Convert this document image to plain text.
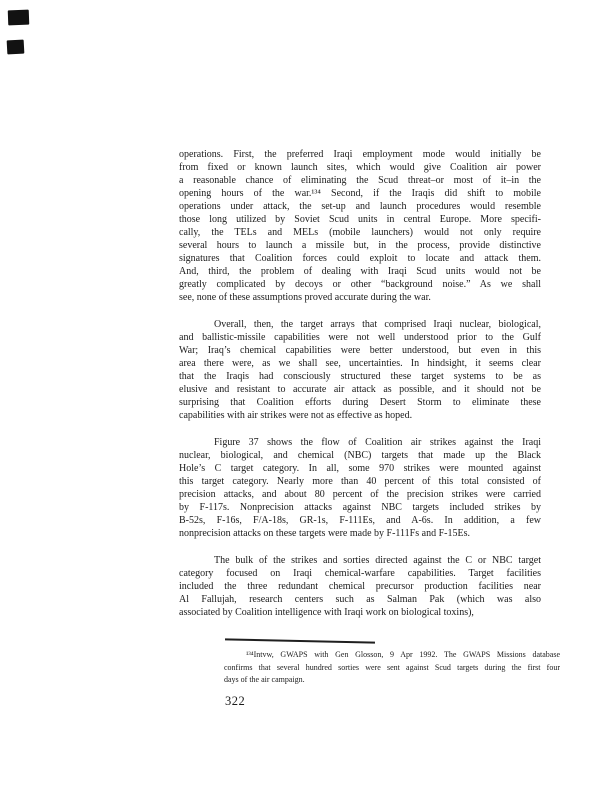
operations. First, the preferred Iraqi employment mode would initially be
from fixed or known launch sites, which would give Coalition air power
a reasonable chance of eliminating the Scud threat–or most of it–in the
opening hours of the war.¹³⁴ Second, if the Iraqis did shift to mobile
operations under attack, the set-up and launch procedures would resemble
those long utilized by Soviet Scud units in central Europe. More specifi-
cally, the TELs and MELs (mobile launchers) would not only require
several hours to launch a missile but, in the process, provide distinctive
signatures that Coalition forces could exploit to locate and attack them.
And, third, the problem of dealing with Iraqi Scud units would not be
greatly complicated by decoys or other “background noise.” As we shall
see, none of these assumptions proved accurate during the war.
Overall, then, the target arrays that comprised Iraqi nuclear, biological,
and ballistic-missile capabilities were not well understood prior to the Gulf
War; Iraq’s chemical capabilities were better understood, but even in this
area there were, as we shall see, uncertainties. In hindsight, it seems clear
that the Iraqis had consciously structured these target systems to be as
elusive and resistant to accurate air attack as possible, and it should not be
surprising that Coalition efforts during Desert Storm to eliminate these
capabilities with air strikes were not as effective as hoped.
Figure 37 shows the flow of Coalition air strikes against the Iraqi
nuclear, biological, and chemical (NBC) targets that made up the Black
Hole’s C target category. In all, some 970 strikes were mounted against
this target category. Nearly more than 40 percent of this total consisted of
precision attacks, and about 80 percent of the precision strikes were carried
by F-117s. Nonprecision attacks against NBC targets included strikes by
B-52s, F-16s, F/A-18s, GR-1s, F-111Es, and A-6s. In addition, a few
nonprecision attacks on these targets were made by F-111Fs and F-15Es.
The bulk of the strikes and sorties directed against the C or NBC target
category focused on Iraqi chemical-warfare capabilities. Target facilities
included the three redundant chemical precursor production facilities near
Al Fallujah, research centers such as Salman Pak (which was also
associated by Coalition intelligence with Iraqi work on biological toxins),
¹³⁴Intvw, GWAPS with Gen Glosson, 9 Apr 1992. The GWAPS Missions database
confirms that several hundred sorties were sent against Scud targets during the first four
days of the air campaign.
322
